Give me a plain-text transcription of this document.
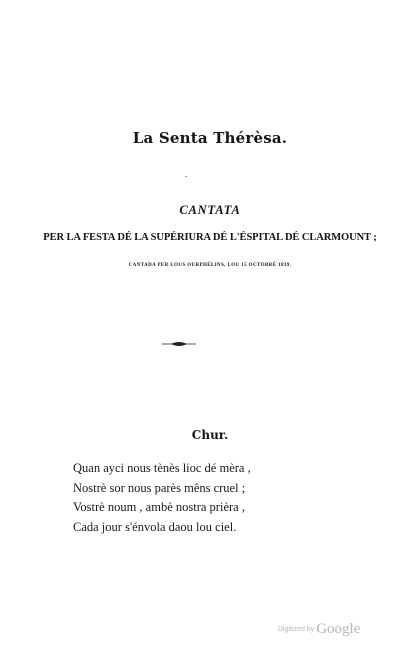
La Senta Thérèsa.
CANTATA

PER LA FESTA DÉ LA SUPÉRIURA DÉ L'ÉSPITAL DÉ CLARMOUNT ;

CANTADA PER LOUS OURPHÉLINS, LOU 15 OCTOBRÉ 1839.

Chur.
Quan ayci nous tènès lioc dé mèra ,
Nostrè sor nous parès mêns cruel ;
Vostrè noum , ambè nostra prièra ,
Cada jour s'énvola daou lou ciel.
Digitized by Google
